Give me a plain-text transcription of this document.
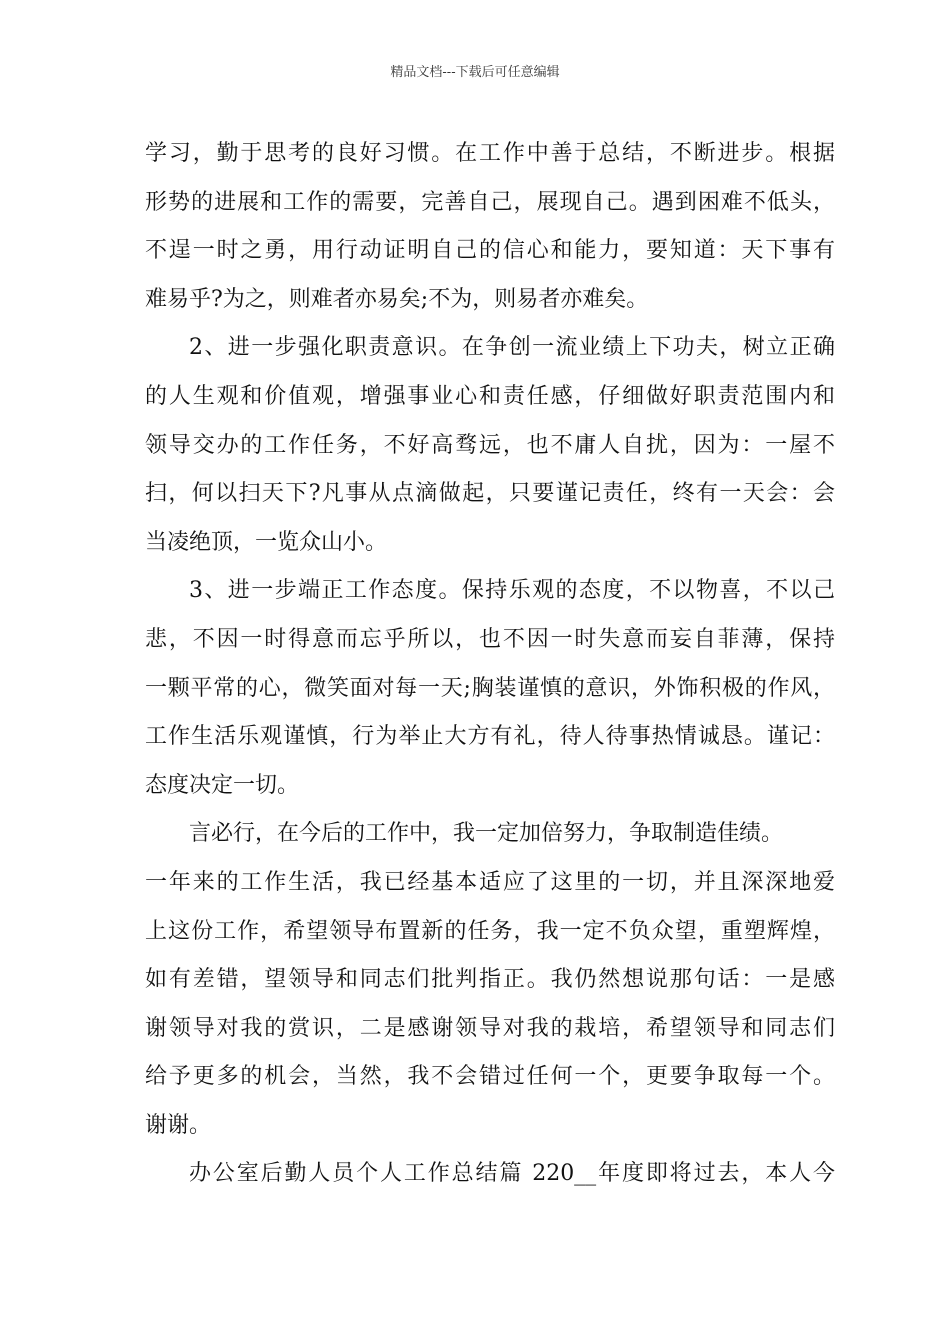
精品文档---下载后可任意编辑
学习，勤于思考的良好习惯。在工作中善于总结，不断进步。根据
形势的进展和工作的需要，完善自己，展现自己。遇到困难不低头，
不逞一时之勇，用行动证明自己的信心和能力，要知道：天下事有
难易乎?为之，则难者亦易矣;不为，则易者亦难矣。
2、进一步强化职责意识。在争创一流业绩上下功夫，树立正确
的人生观和价值观，增强事业心和责任感，仔细做好职责范围内和
领导交办的工作任务，不好高骛远，也不庸人自扰，因为：一屋不
扫，何以扫天下?凡事从点滴做起，只要谨记责任，终有一天会：会
当凌绝顶，一览众山小。
3、进一步端正工作态度。保持乐观的态度，不以物喜，不以己
悲，不因一时得意而忘乎所以，也不因一时失意而妄自菲薄，保持
一颗平常的心，微笑面对每一天;胸装谨慎的意识，外饰积极的作风，
工作生活乐观谨慎，行为举止大方有礼，待人待事热情诚恳。谨记：
态度决定一切。
言必行，在今后的工作中，我一定加倍努力，争取制造佳绩。
一年来的工作生活，我已经基本适应了这里的一切，并且深深地爱
上这份工作，希望领导布置新的任务，我一定不负众望，重塑辉煌，
如有差错，望领导和同志们批判指正。我仍然想说那句话：一是感
谢领导对我的赏识，二是感谢领导对我的栽培，希望领导和同志们
给予更多的机会，当然，我不会错过任何一个，更要争取每一个。
谢谢。
办公室后勤人员个人工作总结篇 220__年度即将过去，本人今
